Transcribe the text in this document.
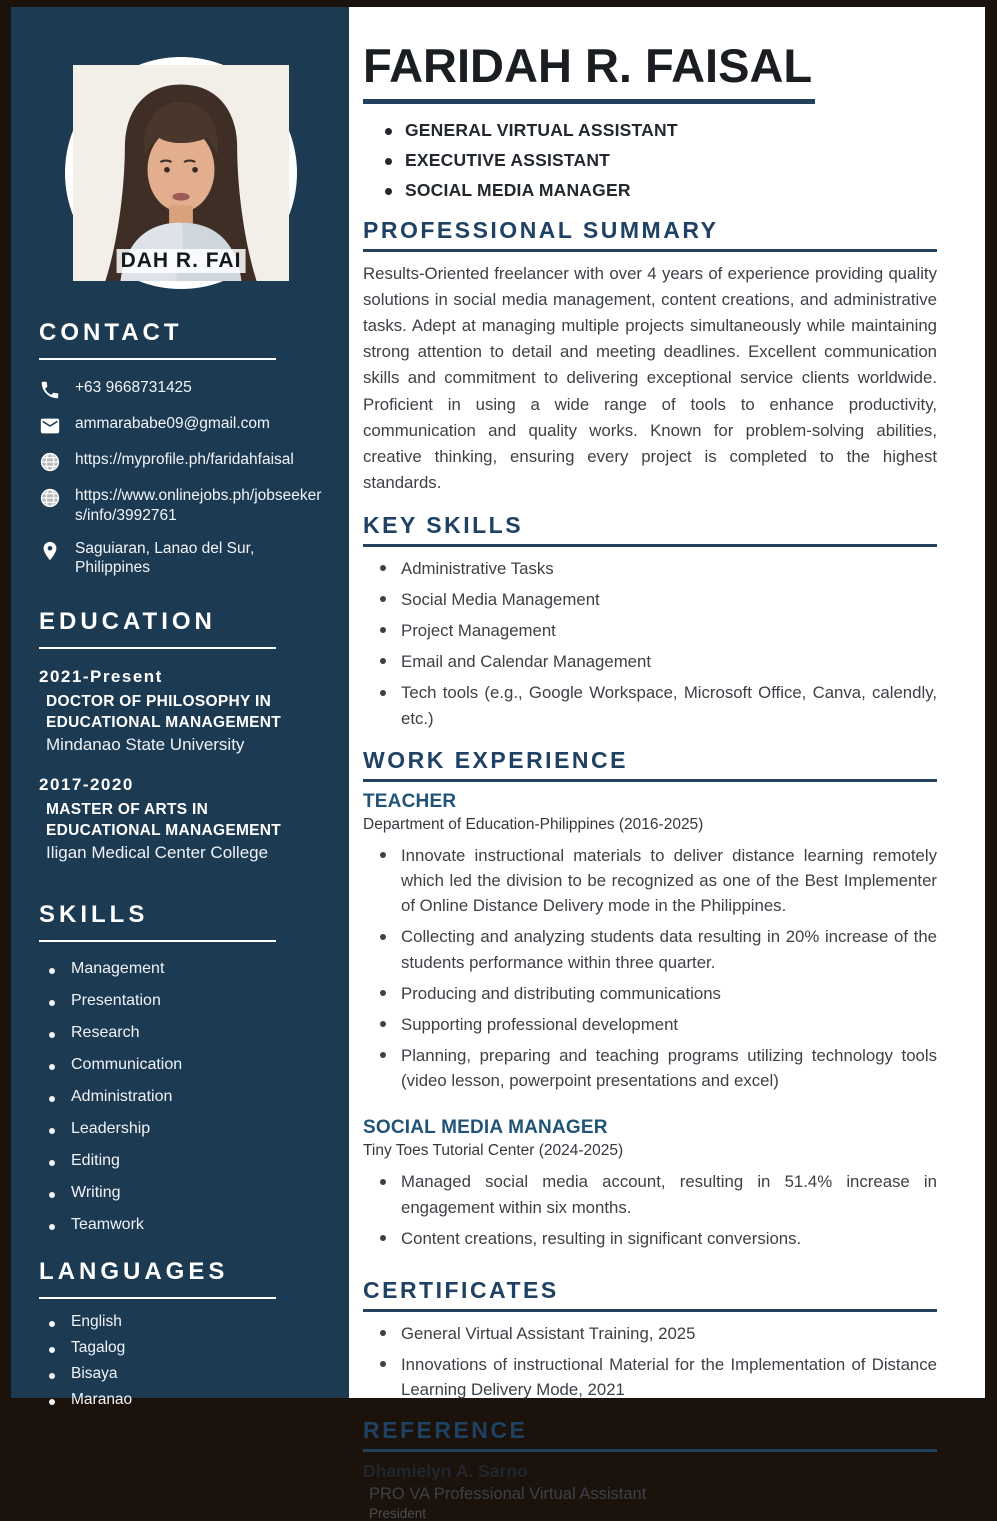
DAH R. FAI
CONTACT
+63 9668731425
ammarababe09@gmail.com
https://myprofile.ph/faridahfaisal
https://www.onlinejobs.ph/jobseekers/info/3992761
Saguiaran, Lanao del Sur, Philippines
EDUCATION
2021-Present
DOCTOR OF PHILOSOPHY IN EDUCATIONAL MANAGEMENT
Mindanao State University
2017-2020
MASTER OF ARTS IN EDUCATIONAL MANAGEMENT
Iligan Medical Center College
SKILLS
Management
Presentation
Research
Communication
Administration
Leadership
Editing
Writing
Teamwork
LANGUAGES
English
Tagalog
Bisaya
Maranao
FARIDAH R. FAISAL
GENERAL VIRTUAL ASSISTANT
EXECUTIVE ASSISTANT
SOCIAL MEDIA MANAGER
PROFESSIONAL SUMMARY

Results-Oriented freelancer with over 4 years of experience providing quality solutions in social media management, content creations, and administrative tasks. Adept at managing multiple projects simultaneously while maintaining strong attention to detail and meeting deadlines. Excellent communication skills and commitment to delivering exceptional service clients worldwide. Proficient in using a wide range of tools to enhance productivity, communication and quality works. Known for problem-solving abilities, creative thinking, ensuring every project is completed to the highest standards.

KEY SKILLS
Administrative Tasks
Social Media Management
Project Management
Email and Calendar Management
Tech tools (e.g., Google Workspace, Microsoft Office, Canva, calendly, etc.)
WORK EXPERIENCE
TEACHER
Department of Education-Philippines (2016-2025)
Innovate instructional materials to deliver distance learning remotely which led the division to be recognized as one of the Best Implementer of Online Distance Delivery mode in the Philippines.
Collecting and analyzing students data resulting in 20% increase of the students performance within three quarter.
Producing and distributing communications
Supporting professional development
Planning, preparing and teaching programs utilizing technology tools (video lesson, powerpoint presentations and excel)
SOCIAL MEDIA MANAGER
Tiny Toes Tutorial Center (2024-2025)
Managed social media account, resulting in 51.4% increase in engagement within six months.
Content creations, resulting in significant conversions.
CERTIFICATES
General Virtual Assistant Training, 2025
Innovations of instructional Material for the Implementation of Distance Learning Delivery Mode, 2021
REFERENCE
Dhamielyn A. Sarno
PRO VA Professional Virtual Assistant
President
